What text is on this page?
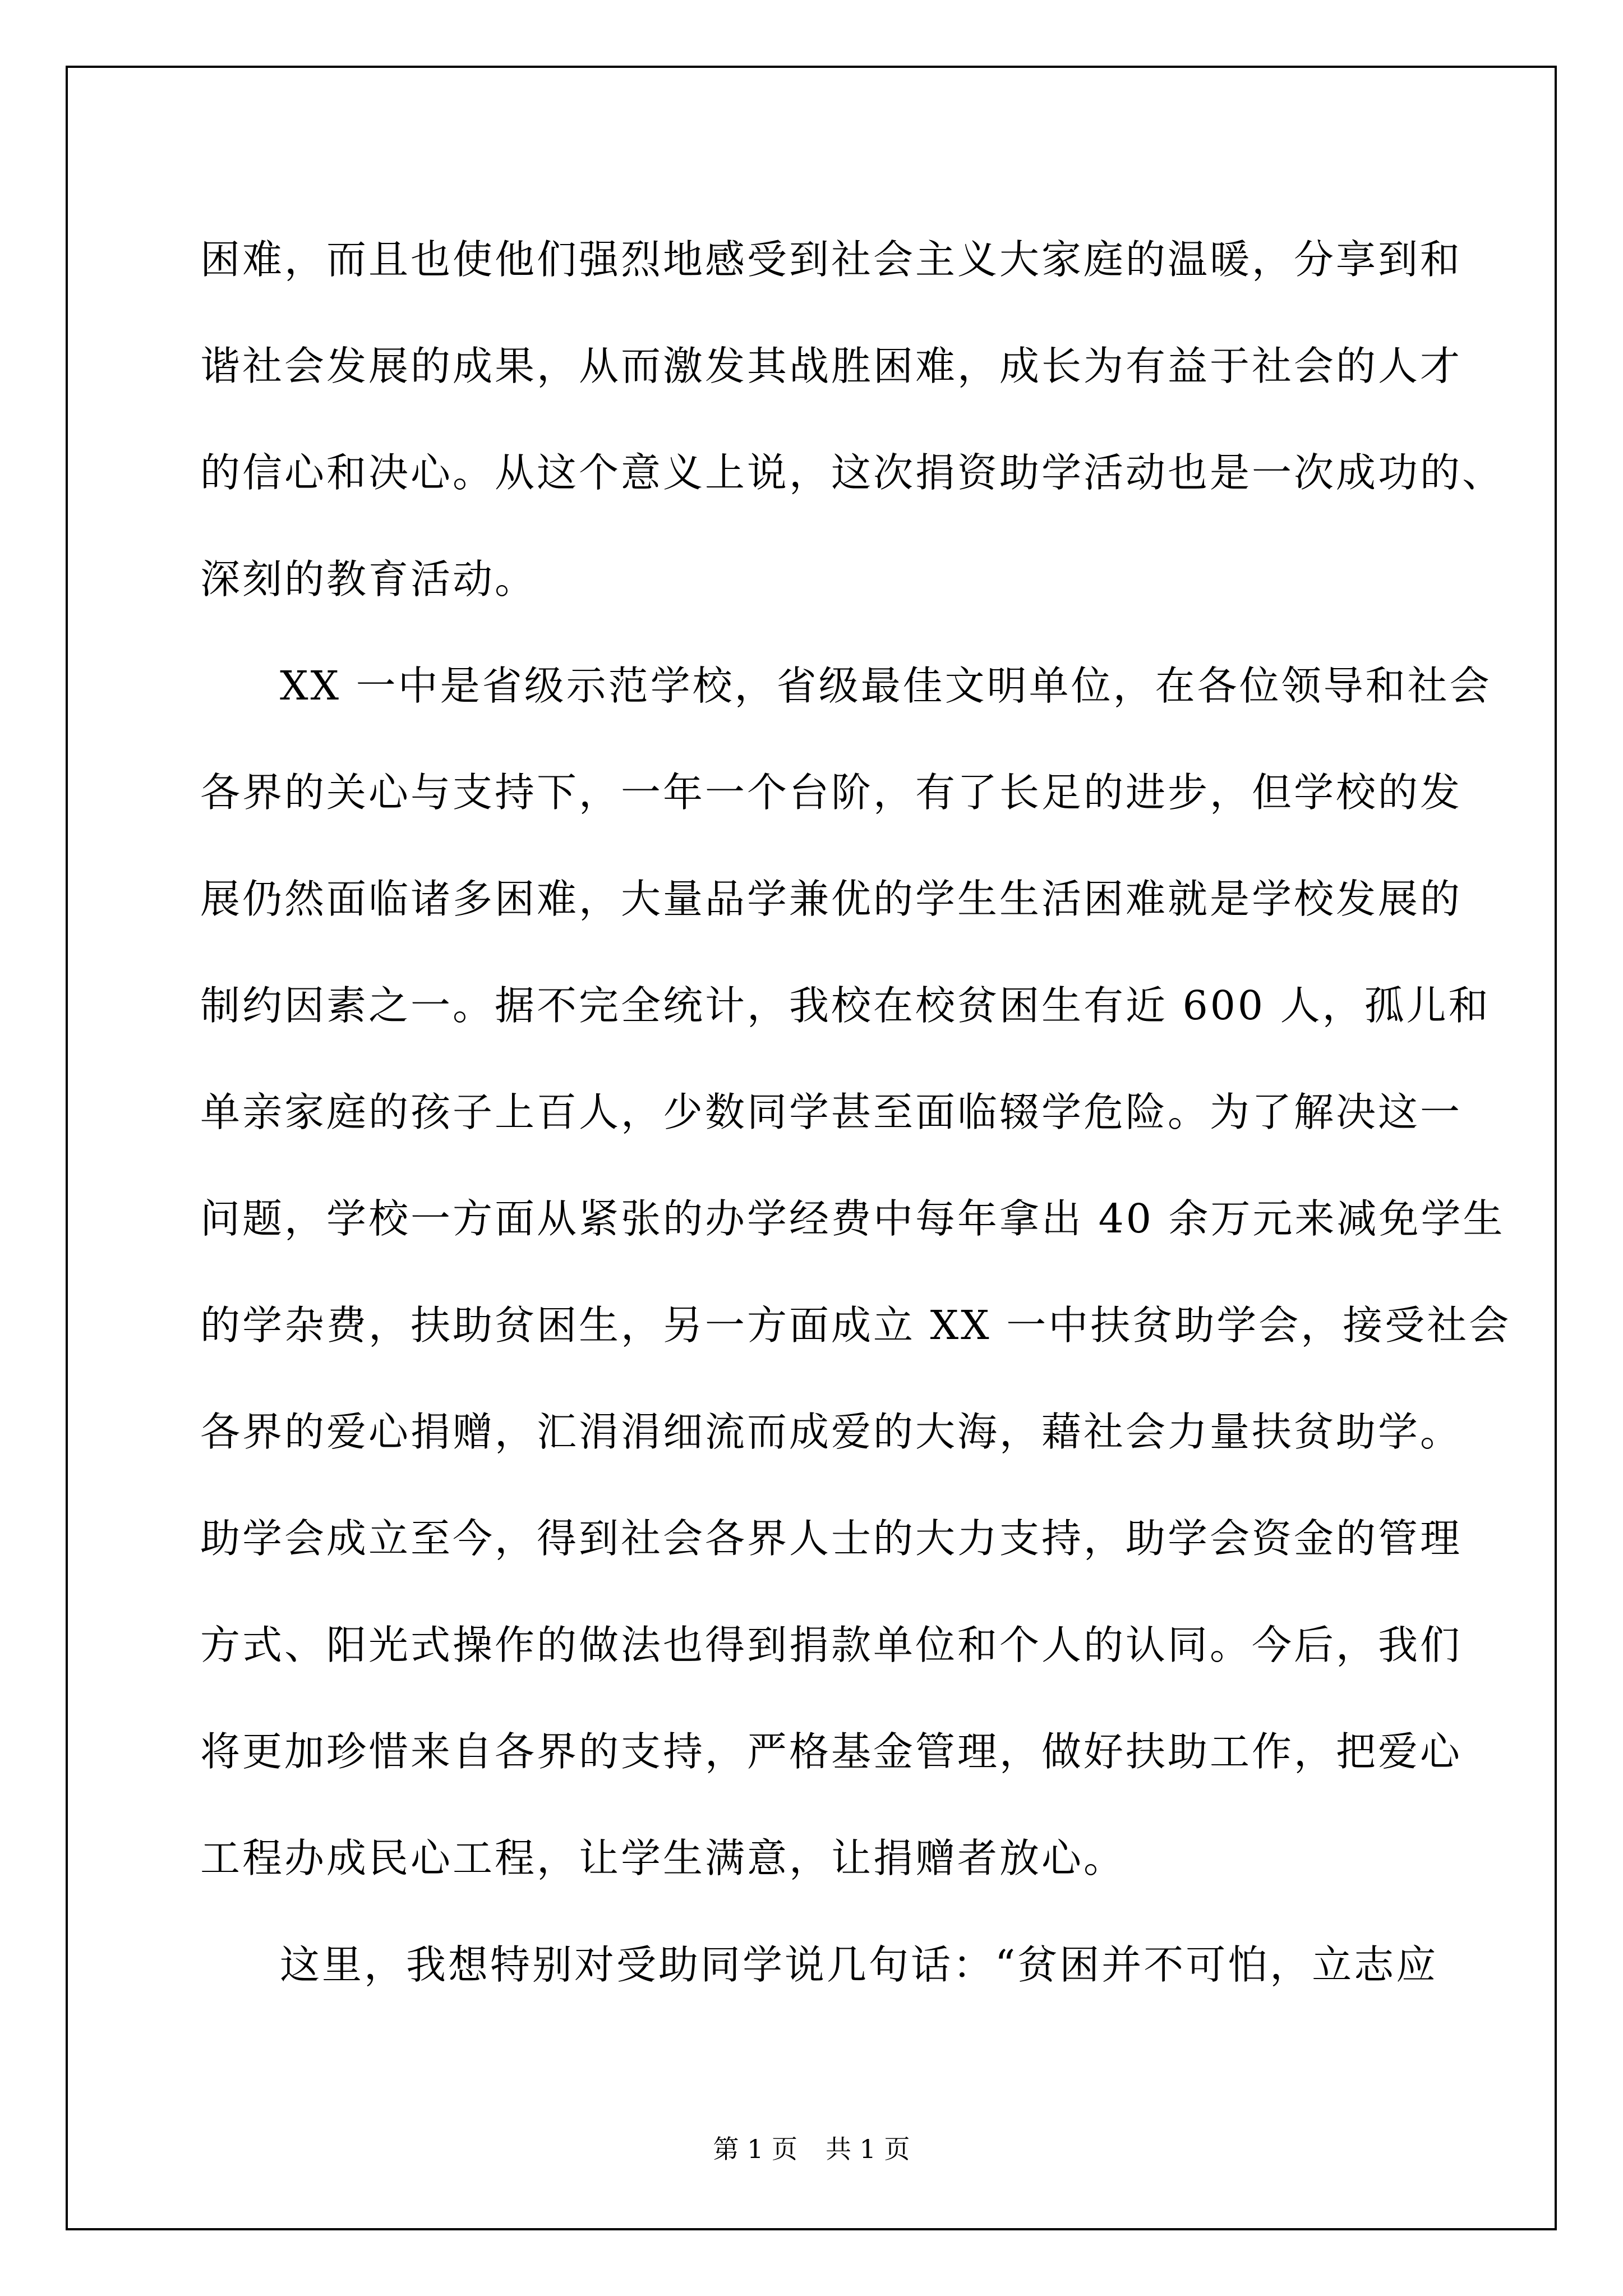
困难，而且也使他们强烈地感受到社会主义大家庭的温暖，分享到和
谐社会发展的成果，从而激发其战胜困难，成长为有益于社会的人才
的信心和决心。从这个意义上说，这次捐资助学活动也是一次成功的、
深刻的教育活动。
XX 一中是省级示范学校，省级最佳文明单位，在各位领导和社会
各界的关心与支持下，一年一个台阶，有了长足的进步，但学校的发
展仍然面临诸多困难，大量品学兼优的学生生活困难就是学校发展的
制约因素之一。据不完全统计，我校在校贫困生有近 600 人，孤儿和
单亲家庭的孩子上百人，少数同学甚至面临辍学危险。为了解决这一
问题，学校一方面从紧张的办学经费中每年拿出 40 余万元来减免学生
的学杂费，扶助贫困生，另一方面成立 XX 一中扶贫助学会，接受社会
各界的爱心捐赠，汇涓涓细流而成爱的大海，藉社会力量扶贫助学。
助学会成立至今，得到社会各界人士的大力支持，助学会资金的管理
方式、阳光式操作的做法也得到捐款单位和个人的认同。今后，我们
将更加珍惜来自各界的支持，严格基金管理，做好扶助工作，把爱心
工程办成民心工程，让学生满意，让捐赠者放心。
这里，我想特别对受助同学说几句话：“贫困并不可怕，立志应
第 1 页 共 1 页
